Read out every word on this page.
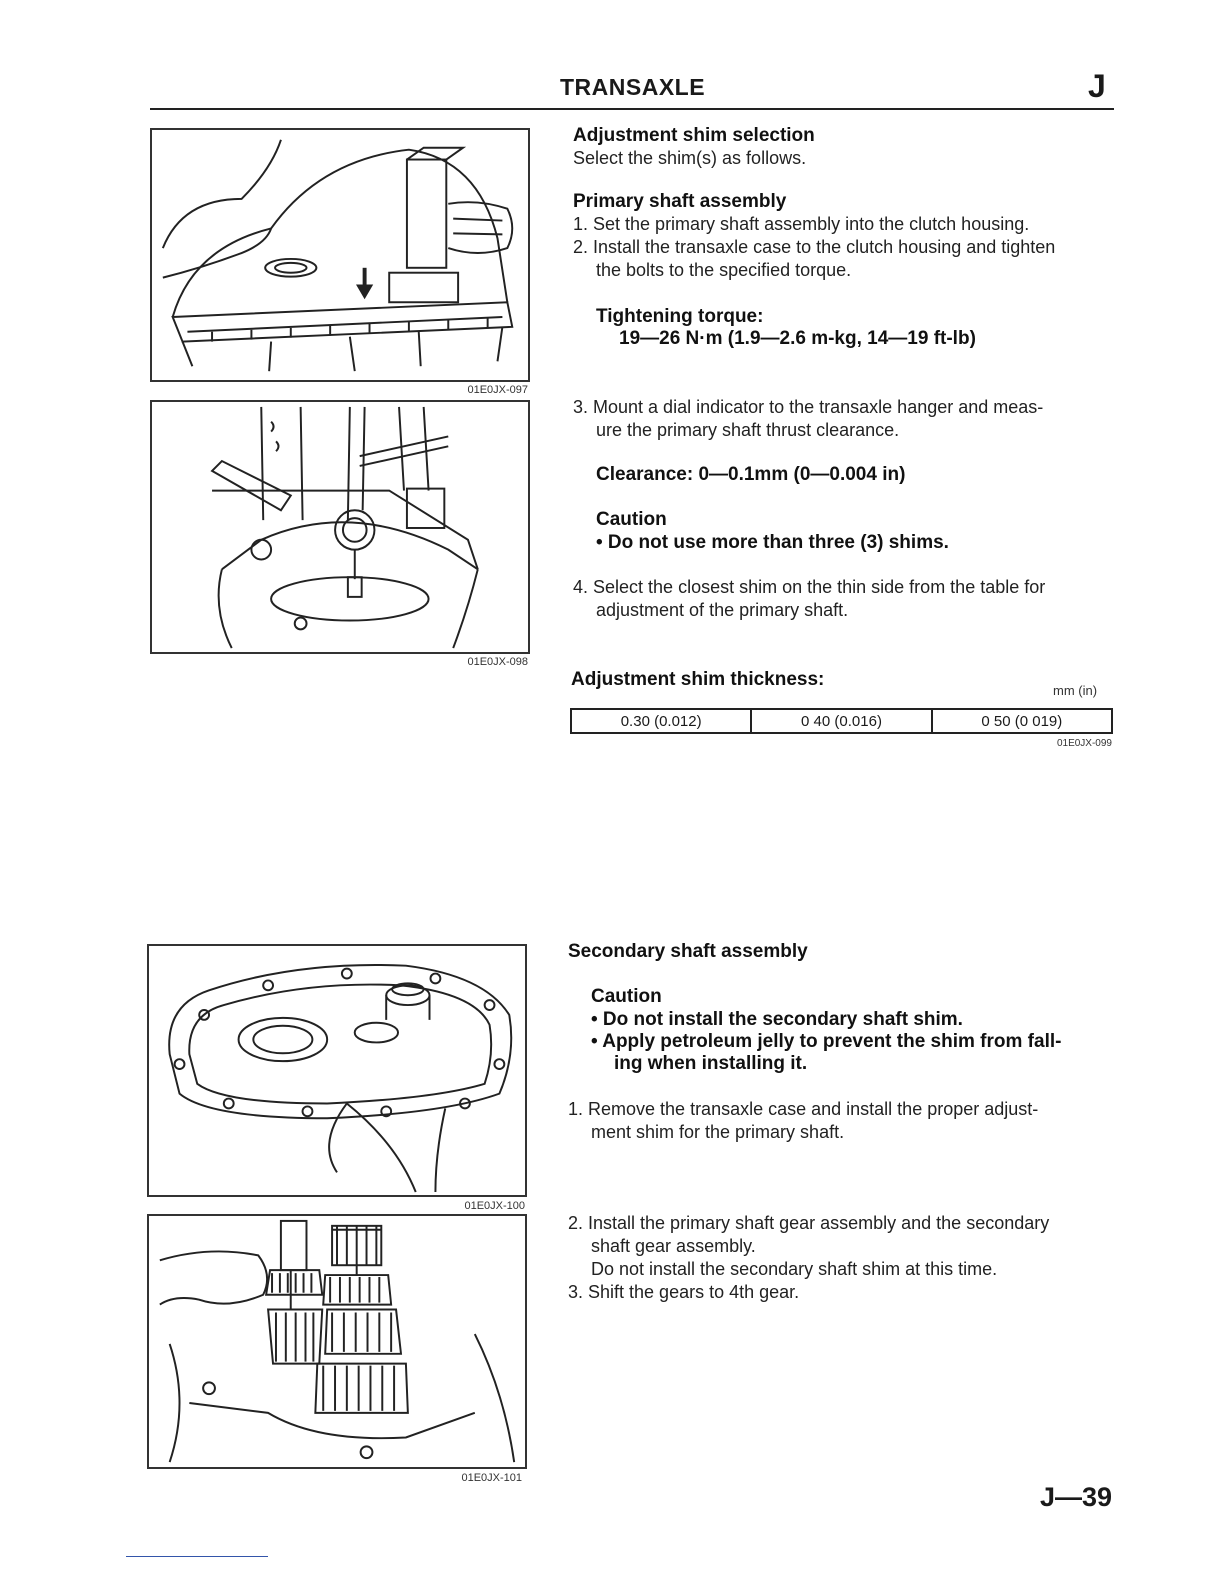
TRANSAXLE	J
01E0JX-097
01E0JX-098
Adjustment shim selection
Select the shim(s) as follows.
Primary shaft assembly
1. Set the primary shaft assembly into the clutch housing.
2. Install the transaxle case to the clutch housing and tighten
the bolts to the specified torque.
Tightening torque:
19—26 N·m (1.9—2.6 m-kg, 14—19 ft-lb)
3. Mount a dial indicator to the transaxle hanger and meas-
ure the primary shaft thrust clearance.
Clearance: 0—0.1mm (0—0.004 in)
Caution
• Do not use more than three (3) shims.
4. Select the closest shim on the thin side from the table for
adjustment of the primary shaft.
Adjustment shim thickness:
mm (in)
0.30 (0.012)	0 40 (0.016)	0 50 (0 019)
01E0JX-099
01E0JX-100
01E0JX-101
Secondary shaft assembly
Caution
• Do not install the secondary shaft shim.
• Apply petroleum jelly to prevent the shim from fall-
ing when installing it.
1. Remove the transaxle case and install the proper adjust-
ment shim for the primary shaft.
2. Install the primary shaft gear assembly and the secondary
shaft gear assembly.
Do not install the secondary shaft shim at this time.
3. Shift the gears to 4th gear.
J—39
